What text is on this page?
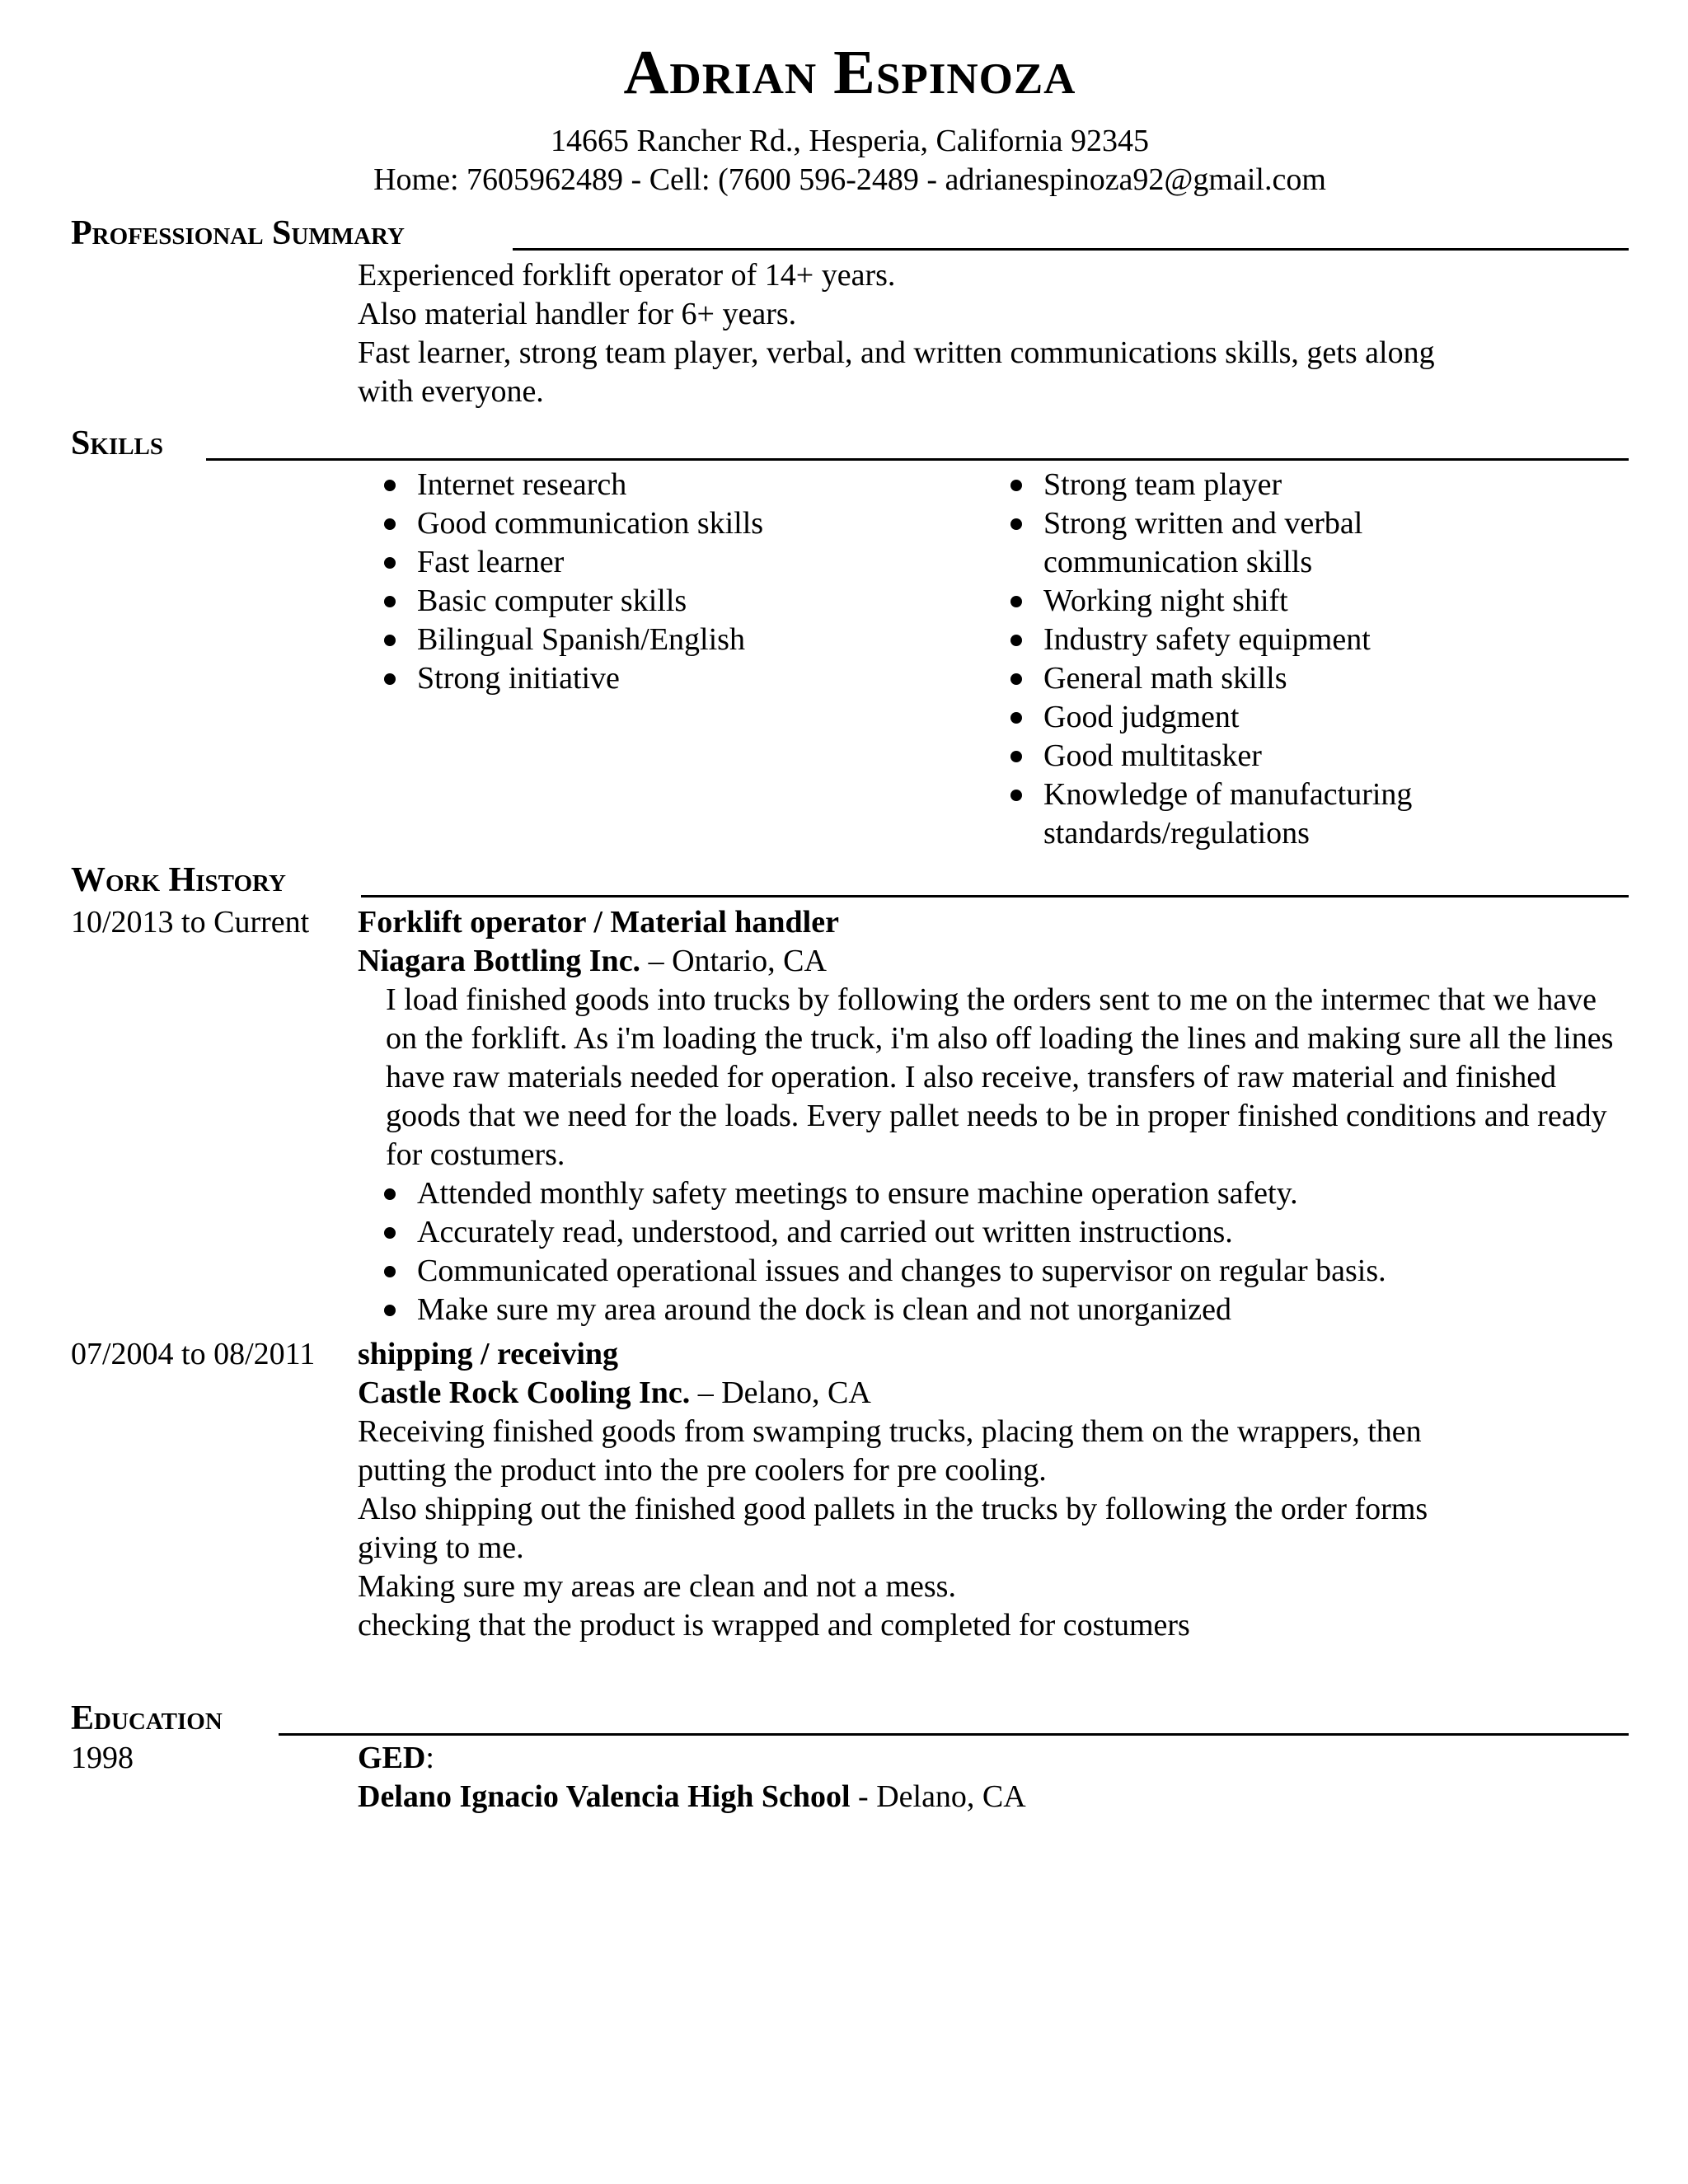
Adrian Espinoza
14665 Rancher Rd., Hesperia, California 92345
Home: 7605962489 - Cell: (7600 596-2489 - adrianespinoza92@gmail.com
Professional Summary
Experienced forklift operator of 14+ years.
Also material handler for 6+ years.
Fast learner, strong team player, verbal, and written communications skills, gets along
with everyone.
Skills
Internet research
Good communication skills
Fast learner
Basic computer skills
Bilingual Spanish/English
Strong initiative
Strong team player
Strong written and verbal communication skills
Working night shift
Industry safety equipment
General math skills
Good judgment
Good multitasker
Knowledge of manufacturing standards/regulations
Work History
10/2013 to Current Forklift operator / Material handler
Niagara Bottling Inc. – Ontario, CA
I load finished goods into trucks by following the orders sent to me on the intermec that we have on the forklift. As i'm loading the truck, i'm also off loading the lines and making sure all the lines have raw materials needed for operation. I also receive, transfers of raw material and finished goods that we need for the loads. Every pallet needs to be in proper finished conditions and ready for costumers.
Attended monthly safety meetings to ensure machine operation safety.
Accurately read, understood, and carried out written instructions.
Communicated operational issues and changes to supervisor on regular basis.
Make sure my area around the dock is clean and not unorganized
07/2004 to 08/2011 shipping / receiving
Castle Rock Cooling Inc. – Delano, CA
Receiving finished goods from swamping trucks, placing them on the wrappers, then
putting the product into the pre coolers for pre cooling.
Also shipping out the finished good pallets in the trucks by following the order forms
giving to me.
Making sure my areas are clean and not a mess.
checking that the product is wrapped and completed for costumers
Education
1998	GED:
Delano Ignacio Valencia High School - Delano, CA
